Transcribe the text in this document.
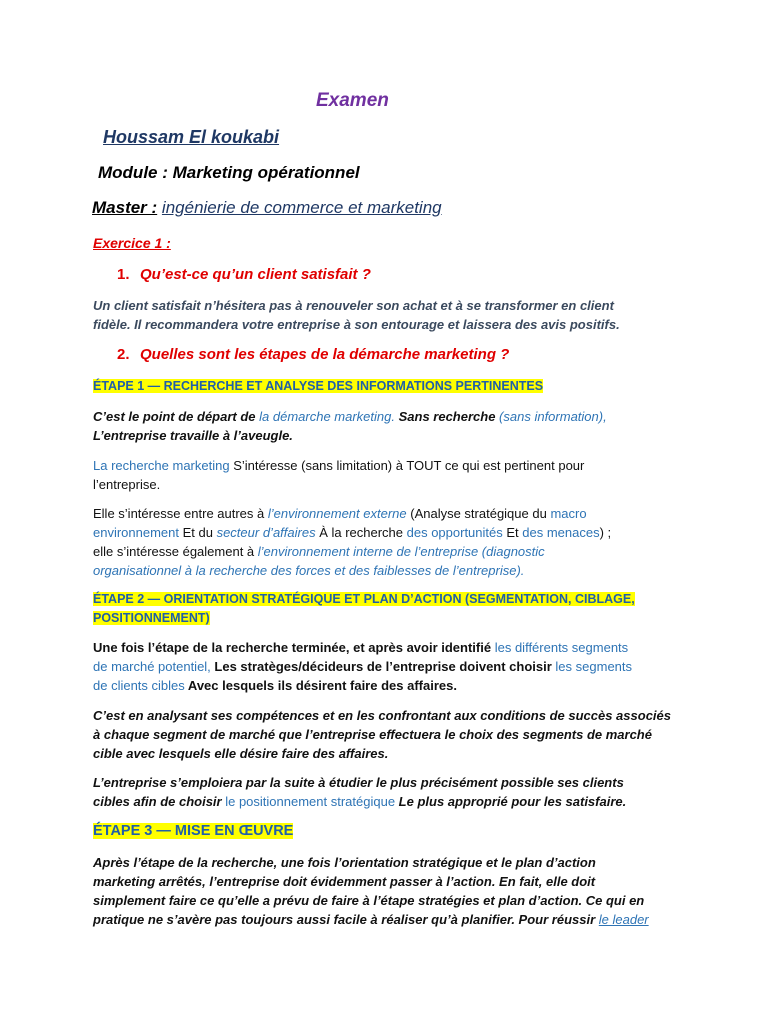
Examen
Houssam El koukabi
Module : Marketing opérationnel
Master : ingénierie de commerce et marketing
Exercice 1 :
1. Qu’est-ce qu’un client satisfait ?
Un client satisfait n’hésitera pas à renouveler son achat et à se transformer en client
fidèle. Il recommandera votre entreprise à son entourage et laissera des avis positifs.
2. Quelles sont les étapes de la démarche marketing ?
ÉTAPE 1 — RECHERCHE ET ANALYSE DES INFORMATIONS PERTINENTES
C’est le point de départ de la démarche marketing. Sans recherche (sans information),
L’entreprise travaille à l’aveugle.
La recherche marketing S’intéresse (sans limitation) à TOUT ce qui est pertinent pour
l’entreprise.
Elle s’intéresse entre autres à l’environnement externe (Analyse stratégique du macro
environnement Et du secteur d’affaires À la recherche des opportunités Et des menaces) ;
elle s’intéresse également à l’environnement interne de l’entreprise (diagnostic
organisationnel à la recherche des forces et des faiblesses de l’entreprise).
ÉTAPE 2 — ORIENTATION STRATÉGIQUE ET PLAN D’ACTION (SEGMENTATION, CIBLAGE,
POSITIONNEMENT)
Une fois l’étape de la recherche terminée, et après avoir identifié les différents segments
de marché potentiel, Les stratèges/décideurs de l’entreprise doivent choisir les segments
de clients cibles Avec lesquels ils désirent faire des affaires.
C’est en analysant ses compétences et en les confrontant aux conditions de succès associés
à chaque segment de marché que l’entreprise effectuera le choix des segments de marché
cible avec lesquels elle désire faire des affaires.
L’entreprise s’emploiera par la suite à étudier le plus précisément possible ses clients
cibles afin de choisir le positionnement stratégique Le plus approprié pour les satisfaire.
ÉTAPE 3 — MISE EN ŒUVRE
Après l’étape de la recherche, une fois l’orientation stratégique et le plan d’action
marketing arrêtés, l’entreprise doit évidemment passer à l’action. En fait, elle doit
simplement faire ce qu’elle a prévu de faire à l’étape stratégies et plan d’action. Ce qui en
pratique ne s’avère pas toujours aussi facile à réaliser qu’à planifier. Pour réussir le leader
